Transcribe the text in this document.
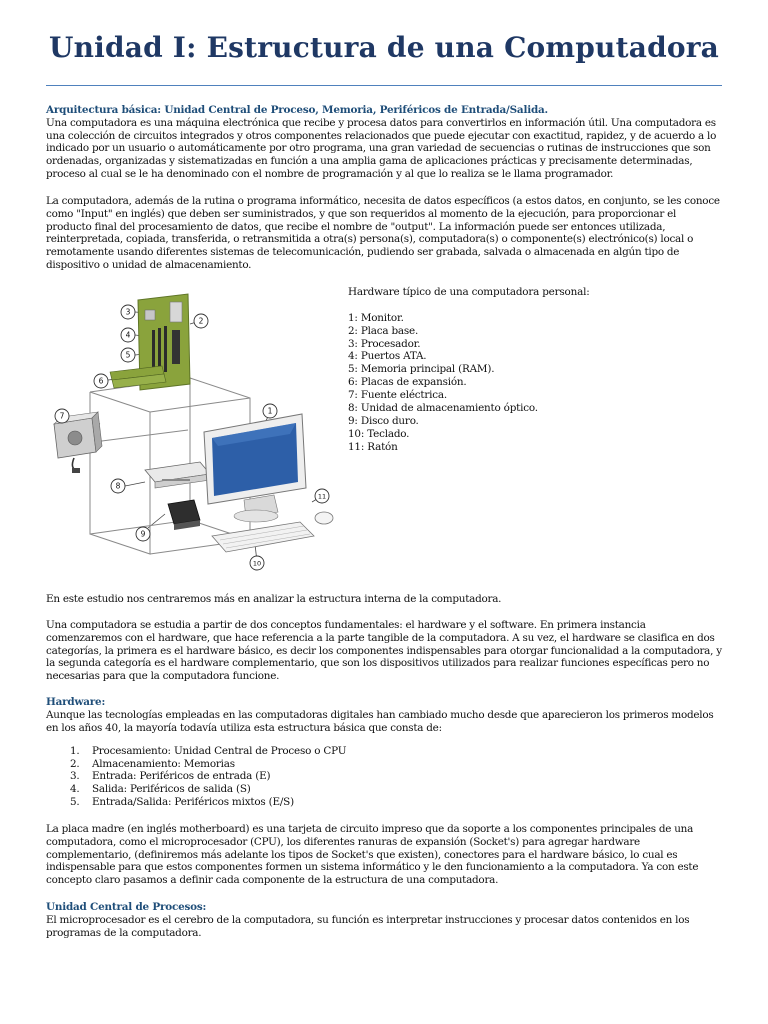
Unidad I: Estructura de una Computadora
Arquitectura básica: Unidad Central de Proceso, Memoria, Periféricos de Entrada/Salida.
Una computadora es una máquina electrónica que recibe y procesa datos para convertirlos en información útil. Una computadora es una colección de circuitos integrados y otros componentes relacionados que puede ejecutar con exactitud, rapidez, y de acuerdo a lo indicado por un usuario o automáticamente por otro programa, una gran variedad de secuencias o rutinas de instrucciones que son ordenadas, organizadas y sistematizadas en función a una amplia gama de aplicaciones prácticas y precisamente determinadas, proceso al cual se le ha denominado con el nombre de programación y al que lo realiza se le llama programador.
La computadora, además de la rutina o programa informático, necesita de datos específicos (a estos datos, en conjunto, se les conoce como "Input" en inglés) que deben ser suministrados, y que son requeridos al momento de la ejecución, para proporcionar el producto final del procesamiento de datos, que recibe el nombre de "output". La información puede ser entonces utilizada, reinterpretada, copiada, transferida, o retransmitida a otra(s) persona(s), computadora(s) o componente(s) electrónico(s) local o remotamente usando diferentes sistemas de telecomunicación, pudiendo ser grabada, salvada o almacenada en algún tipo de dispositivo o unidad de almacenamiento.
3
4
5
6
2
7
8
9
1
11
10
Hardware típico de una computadora personal:
1: Monitor.
2: Placa base.
3: Procesador.
4: Puertos ATA.
5: Memoria principal (RAM).
6: Placas de expansión.
7: Fuente eléctrica.
8: Unidad de almacenamiento óptico.
9: Disco duro.
10: Teclado.
11: Ratón
En este estudio nos centraremos más en analizar la estructura interna de la computadora.
Una computadora se estudia a partir de dos conceptos fundamentales: el hardware y el software. En primera instancia comenzaremos con el hardware, que hace referencia a la parte tangible de la computadora. A su vez, el hardware se clasifica en dos categorías, la primera es el hardware básico, es decir los componentes indispensables para otorgar funcionalidad a la computadora, y la segunda categoría es el hardware complementario, que son los dispositivos utilizados para realizar funciones específicas pero no necesarias para que la computadora funcione.
Hardware:
Aunque las tecnologías empleadas en las computadoras digitales han cambiado mucho desde que aparecieron los primeros modelos en los años 40, la mayoría todavía utiliza esta estructura básica que consta de:
1. Procesamiento: Unidad Central de Proceso o CPU
2. Almacenamiento: Memorias
3. Entrada: Periféricos de entrada (E)
4. Salida: Periféricos de salida (S)
5. Entrada/Salida: Periféricos mixtos (E/S)
La placa madre (en inglés motherboard) es una tarjeta de circuito impreso que da soporte a los componentes principales de una computadora, como el microprocesador (CPU), los diferentes ranuras de expansión (Socket's) para agregar hardware complementario, (definiremos más adelante los tipos de Socket's que existen), conectores para el hardware básico, lo cual es indispensable para que estos componentes formen un sistema informático y le den funcionamiento a la computadora. Ya con este concepto claro pasamos a definir cada componente de la estructura de una computadora.
Unidad Central de Procesos:
El microprocesador es el cerebro de la computadora, su función es interpretar instrucciones y procesar datos contenidos en los programas de la computadora.
